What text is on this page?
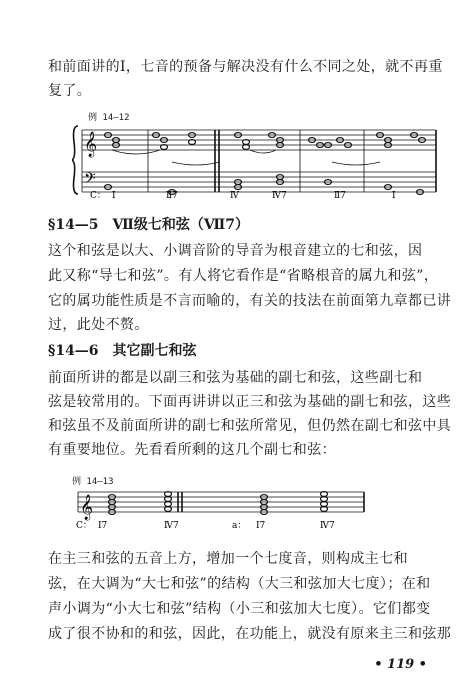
和前面讲的Ⅰ，七音的预备与解决没有什么不同之处，就不再重
复了。
例 14—12
𝄞
𝄢
C： I	Ⅱ7	Ⅳ	Ⅳ7	Ⅱ7	Ⅰ
§14—5　Ⅶ级七和弦（Ⅶ7）
这个和弦是以大、小调音阶的导音为根音建立的七和弦，因
此又称“导七和弦”。有人将它看作是“省略根音的属九和弦”，
它的属功能性质是不言而喻的，有关的技法在前面第九章都已讲
过，此处不赘。
§14—6　其它副七和弦
前面所讲的都是以副三和弦为基础的副七和弦，这些副七和
弦是较常用的。下面再讲讲以正三和弦为基础的副七和弦，这些
和弦虽不及前面所讲的副七和弦所常见，但仍然在副七和弦中具
有重要地位。先看看所剩的这几个副七和弦：
例 14—13
𝄞
C： I7	Ⅳ7	a： Ⅰ7	Ⅳ7
在主三和弦的五音上方，增加一个七度音，则构成主七和
弦，在大调为“大七和弦”的结构（大三和弦加大七度）；在和
声小调为“小大七和弦”结构（小三和弦加大七度）。它们都变
成了很不协和的和弦，因此，在功能上，就没有原来主三和弦那
• 119 •
